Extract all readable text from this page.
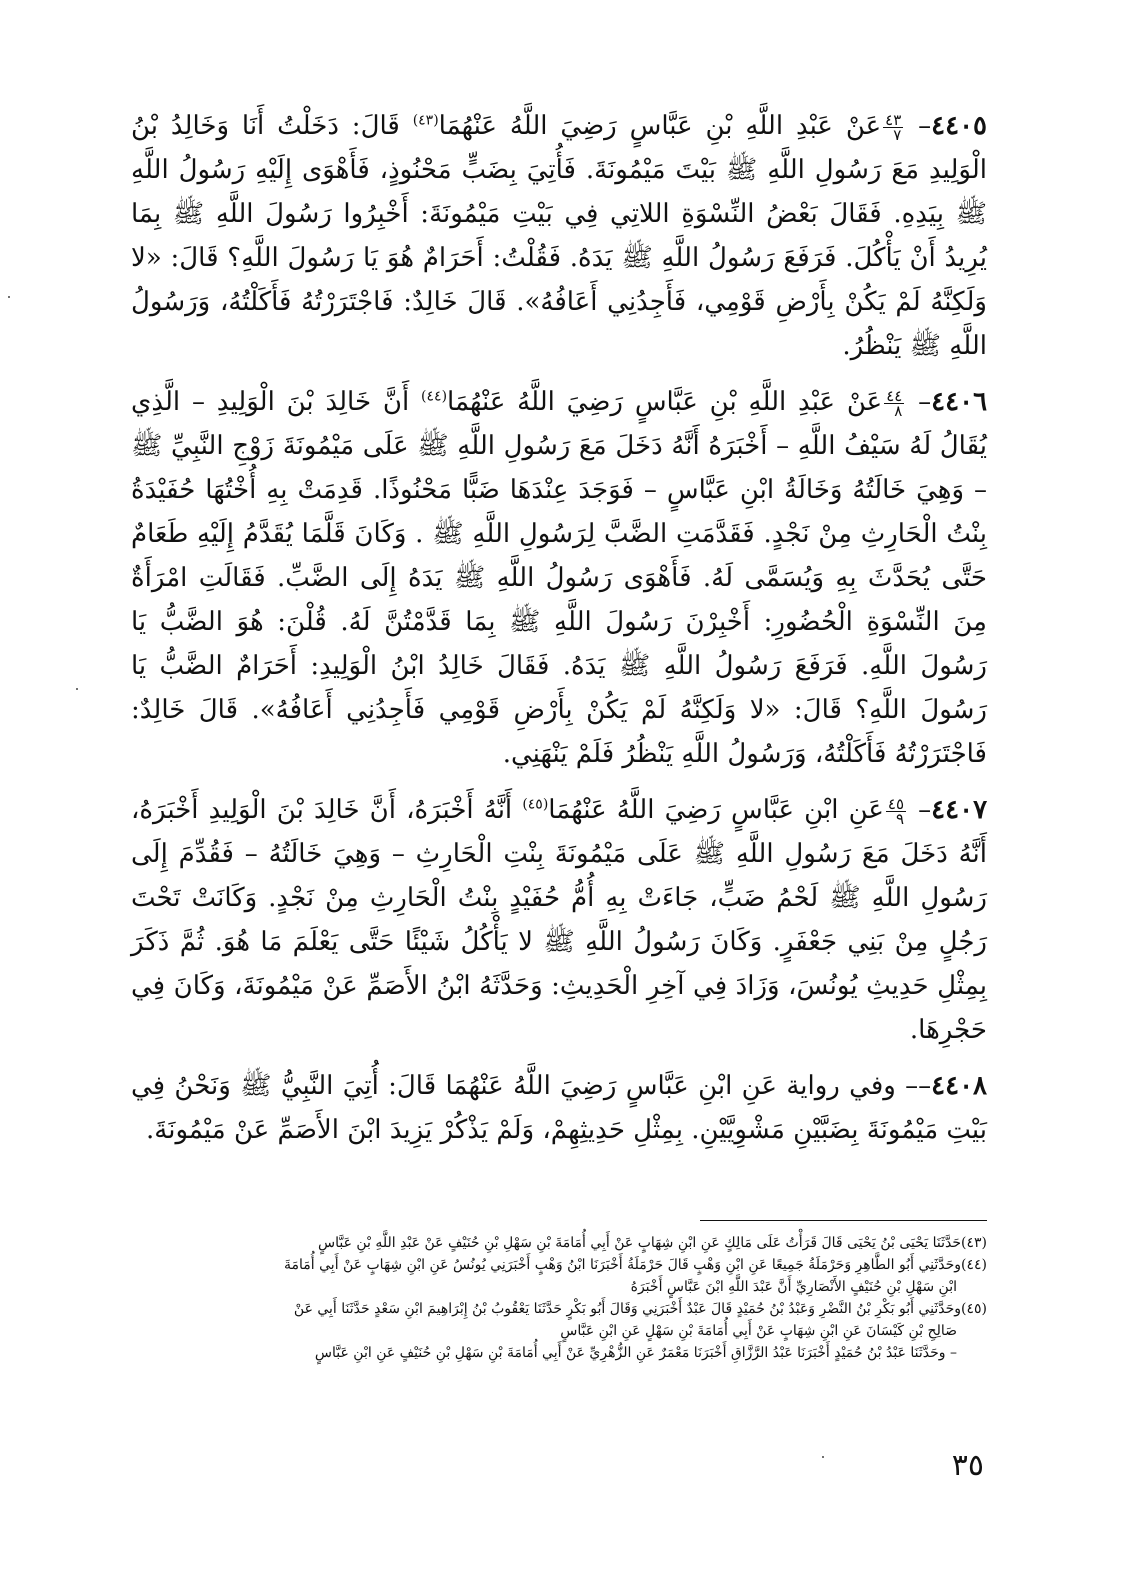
٤٤٠٥–
$\frac{٤٣}{٧}$
عَنْ عَبْدِ اللَّهِ بْنِ عَبَّاسٍ رَضِيَ اللَّهُ عَنْهُمَا$^{(٤٣)}$ قَالَ: دَخَلْتُ أَنَا وَخَالِدُ بْنُ الْوَلِيدِ مَعَ رَسُولِ اللَّهِ ﷺ بَيْتَ مَيْمُونَةَ. فَأُتِيَ بِضَبٍّ مَحْنُوذٍ، فَأَهْوَى إِلَيْهِ رَسُولُ اللَّهِ ﷺ بِيَدِهِ. فَقَالَ بَعْضُ النِّسْوَةِ اللاتِي فِي بَيْتِ مَيْمُونَةَ: أَخْبِرُوا رَسُولَ اللَّهِ ﷺ بِمَا يُرِيدُ أَنْ يَأْكُلَ. فَرَفَعَ رَسُولُ اللَّهِ ﷺ يَدَهُ. فَقُلْتُ: أَحَرَامٌ هُوَ يَا رَسُولَ اللَّهِ؟ قَالَ: «لا وَلَكِنَّهُ لَمْ يَكُنْ بِأَرْضِ قَوْمِي، فَأَجِدُنِي أَعَافُهُ». قَالَ خَالِدٌ: فَاجْتَرَرْتُهُ فَأَكَلْتُهُ، وَرَسُولُ اللَّهِ ﷺ يَنْظُرُ.

٤٤٠٦–
$\frac{٤٤}{٨}$
عَنْ عَبْدِ اللَّهِ بْنِ عَبَّاسٍ رَضِيَ اللَّهُ عَنْهُمَا$^{(٤٤)}$ أَنَّ خَالِدَ بْنَ الْوَلِيدِ – الَّذِي يُقَالُ لَهُ سَيْفُ اللَّهِ – أَخْبَرَهُ أَنَّهُ دَخَلَ مَعَ رَسُولِ اللَّهِ ﷺ عَلَى مَيْمُونَةَ زَوْجِ النَّبِيِّ ﷺ – وَهِيَ خَالَتُهُ وَخَالَةُ ابْنِ عَبَّاسٍ – فَوَجَدَ عِنْدَهَا ضَبًّا مَحْنُوذًا. قَدِمَتْ بِهِ أُخْتُهَا حُفَيْدَةُ بِنْتُ الْحَارِثِ مِنْ نَجْدٍ. فَقَدَّمَتِ الضَّبَّ لِرَسُولِ اللَّهِ ﷺ . وَكَانَ قَلَّمَا يُقَدَّمُ إِلَيْهِ طَعَامٌ حَتَّى يُحَدَّثَ بِهِ وَيُسَمَّى لَهُ. فَأَهْوَى رَسُولُ اللَّهِ ﷺ يَدَهُ إِلَى الضَّبِّ. فَقَالَتِ امْرَأَةٌ مِنَ النِّسْوَةِ الْحُضُورِ: أَخْبِرْنَ رَسُولَ اللَّهِ ﷺ بِمَا قَدَّمْتُنَّ لَهُ. قُلْنَ: هُوَ الضَّبُّ يَا رَسُولَ اللَّهِ. فَرَفَعَ رَسُولُ اللَّهِ ﷺ يَدَهُ. فَقَالَ خَالِدُ ابْنُ الْوَلِيدِ: أَحَرَامٌ الضَّبُّ يَا رَسُولَ اللَّهِ؟ قَالَ: «لا وَلَكِنَّهُ لَمْ يَكُنْ بِأَرْضِ قَوْمِي فَأَجِدُنِي أَعَافُهُ». قَالَ خَالِدٌ: فَاجْتَرَرْتُهُ فَأَكَلْتُهُ، وَرَسُولُ اللَّهِ يَنْظُرُ فَلَمْ يَنْهَنِي.

٤٤٠٧–
$\frac{٤٥}{٩}$
عَنِ ابْنِ عَبَّاسٍ رَضِيَ اللَّهُ عَنْهُمَا$^{(٤٥)}$ أَنَّهُ أَخْبَرَهُ، أَنَّ خَالِدَ بْنَ الْوَلِيدِ أَخْبَرَهُ، أَنَّهُ دَخَلَ مَعَ رَسُولِ اللَّهِ ﷺ عَلَى مَيْمُونَةَ بِنْتِ الْحَارِثِ – وَهِيَ خَالَتُهُ – فَقُدِّمَ إِلَى رَسُولِ اللَّهِ ﷺ لَحْمُ ضَبٍّ، جَاءَتْ بِهِ أُمُّ حُفَيْدٍ بِنْتُ الْحَارِثِ مِنْ نَجْدٍ. وَكَانَتْ تَحْتَ رَجُلٍ مِنْ بَنِي جَعْفَرٍ. وَكَانَ رَسُولُ اللَّهِ ﷺ لا يَأْكُلُ شَيْئًا حَتَّى يَعْلَمَ مَا هُوَ. ثُمَّ ذَكَرَ بِمِثْلِ حَدِيثِ يُونُسَ، وَزَادَ فِي آخِرِ الْحَدِيثِ: وَحَدَّثَهُ ابْنُ الأَصَمِّ عَنْ مَيْمُونَةَ، وَكَانَ فِي حَجْرِهَا.

٤٤٠٨–– وفي رواية عَنِ ابْنِ عَبَّاسٍ رَضِيَ اللَّهُ عَنْهُمَا قَالَ: أُتِيَ النَّبِيُّ ﷺ وَنَحْنُ فِي بَيْتِ مَيْمُونَةَ بِضَبَّيْنِ مَشْوِيَّيْنِ. بِمِثْلِ حَدِيثِهِمْ، وَلَمْ يَذْكُرْ يَزِيدَ ابْنَ الأَصَمِّ عَنْ مَيْمُونَةَ.

(٤٣)حَدَّثَنَا يَحْيَى بْنُ يَحْيَى قَالَ قَرَأْتُ عَلَى مَالِكٍ عَنِ ابْنِ شِهَابٍ عَنْ أَبِي أُمَامَةَ بْنِ سَهْلِ بْنِ حُنَيْفٍ عَنْ عَبْدِ اللَّهِ بْنِ عَبَّاسٍ

(٤٤)وحَدَّثَنِي أَبُو الطَّاهِرِ وَحَرْمَلَةُ جَمِيعًا عَنِ ابْنِ وَهْبٍ قَالَ حَرْمَلَةُ أَخْبَرَنَا ابْنُ وَهْبٍ أَخْبَرَنِي يُونُسُ عَنِ ابْنِ شِهَابٍ عَنْ أَبِي أُمَامَةَ

ابْنِ سَهْلِ بْنِ حُنَيْفٍ الأَنْصَارِيِّ أَنَّ عَبْدَ اللَّهِ ابْنَ عَبَّاسٍ أَخْبَرَهُ

(٤٥)وحَدَّثَنِي أَبُو بَكْرِ بْنُ النَّضْرِ وَعَبْدُ بْنُ حُمَيْدٍ قَالَ عَبْدٌ أَخْبَرَنِي وَقَالَ أَبُو بَكْرٍ حَدَّثَنَا يَعْقُوبُ بْنُ إِبْرَاهِيمَ ابْنِ سَعْدٍ حَدَّثَنَا أَبِي عَنْ

صَالِحِ بْنِ كَيْسَانَ عَنِ ابْنِ شِهَابٍ عَنْ أَبِي أُمَامَةَ بْنِ سَهْلٍ عَنِ ابْنِ عَبَّاسٍ

– وحَدَّثَنَا عَبْدُ بْنُ حُمَيْدٍ أَخْبَرَنَا عَبْدُ الرَّزَّاقِ أَخْبَرَنَا مَعْمَرٌ عَنِ الزُّهْرِيِّ عَنْ أَبِي أُمَامَةَ بْنِ سَهْلِ بْنِ حُنَيْفٍ عَنِ ابْنِ عَبَّاسٍ

٣٥
